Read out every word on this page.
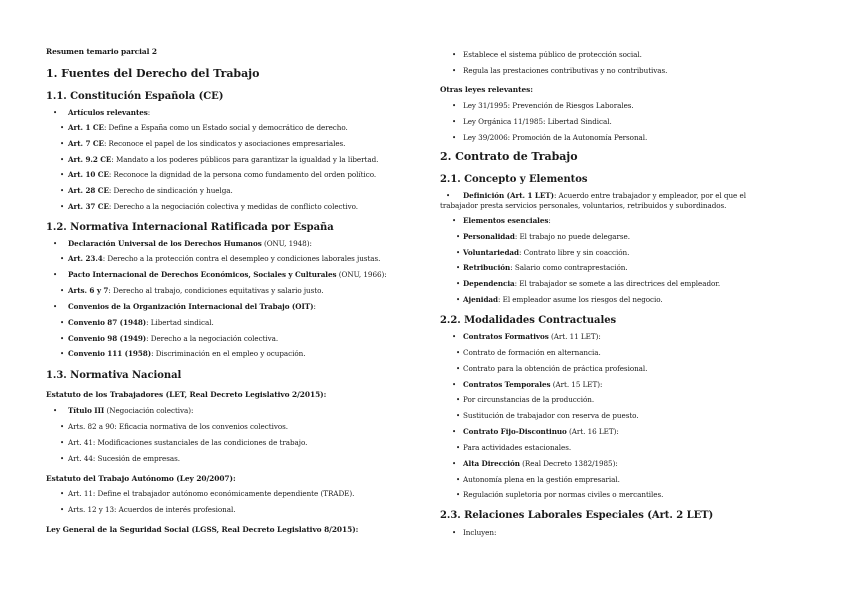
Resumen temario parcial 2
1. Fuentes del Derecho del Trabajo
1.1. Constitución Española (CE)
• Artículos relevantes:
• Art. 1 CE: Define a España como un Estado social y democrático de derecho.
• Art. 7 CE: Reconoce el papel de los sindicatos y asociaciones empresariales.
• Art. 9.2 CE: Mandato a los poderes públicos para garantizar la igualdad y la libertad.
• Art. 10 CE: Reconoce la dignidad de la persona como fundamento del orden político.
• Art. 28 CE: Derecho de sindicación y huelga.
• Art. 37 CE: Derecho a la negociación colectiva y medidas de conflicto colectivo.
1.2. Normativa Internacional Ratificada por España
• Declaración Universal de los Derechos Humanos (ONU, 1948):
• Art. 23.4: Derecho a la protección contra el desempleo y condiciones laborales justas.
• Pacto Internacional de Derechos Económicos, Sociales y Culturales (ONU, 1966):
• Arts. 6 y 7: Derecho al trabajo, condiciones equitativas y salario justo.
• Convenios de la Organización Internacional del Trabajo (OIT):
• Convenio 87 (1948): Libertad sindical.
• Convenio 98 (1949): Derecho a la negociación colectiva.
• Convenio 111 (1958): Discriminación en el empleo y ocupación.
1.3. Normativa Nacional
Estatuto de los Trabajadores (LET, Real Decreto Legislativo 2/2015):
• Título III (Negociación colectiva):
• Arts. 82 a 90: Eficacia normativa de los convenios colectivos.
• Art. 41: Modificaciones sustanciales de las condiciones de trabajo.
• Art. 44: Sucesión de empresas.
Estatuto del Trabajo Autónomo (Ley 20/2007):
• Art. 11: Define el trabajador autónomo económicamente dependiente (TRADE).
• Arts. 12 y 13: Acuerdos de interés profesional.
Ley General de la Seguridad Social (LGSS, Real Decreto Legislativo 8/2015):
• Establece el sistema público de protección social.
• Regula las prestaciones contributivas y no contributivas.
Otras leyes relevantes:
• Ley 31/1995: Prevención de Riesgos Laborales.
• Ley Orgánica 11/1985: Libertad Sindical.
• Ley 39/2006: Promoción de la Autonomía Personal.
2. Contrato de Trabajo
2.1. Concepto y Elementos
• Definición (Art. 1 LET): Acuerdo entre trabajador y empleador, por el que el
trabajador presta servicios personales, voluntarios, retribuidos y subordinados.
• Elementos esenciales:
• Personalidad: El trabajo no puede delegarse.
• Voluntariedad: Contrato libre y sin coacción.
• Retribución: Salario como contraprestación.
• Dependencia: El trabajador se somete a las directrices del empleador.
• Ajenidad: El empleador asume los riesgos del negocio.
2.2. Modalidades Contractuales
• Contratos Formativos (Art. 11 LET):
• Contrato de formación en alternancia.
• Contrato para la obtención de práctica profesional.
• Contratos Temporales (Art. 15 LET):
• Por circunstancias de la producción.
• Sustitución de trabajador con reserva de puesto.
• Contrato Fijo-Discontinuo (Art. 16 LET):
• Para actividades estacionales.
• Alta Dirección (Real Decreto 1382/1985):
• Autonomía plena en la gestión empresarial.
• Regulación supletoria por normas civiles o mercantiles.
2.3. Relaciones Laborales Especiales (Art. 2 LET)
• Incluyen:
